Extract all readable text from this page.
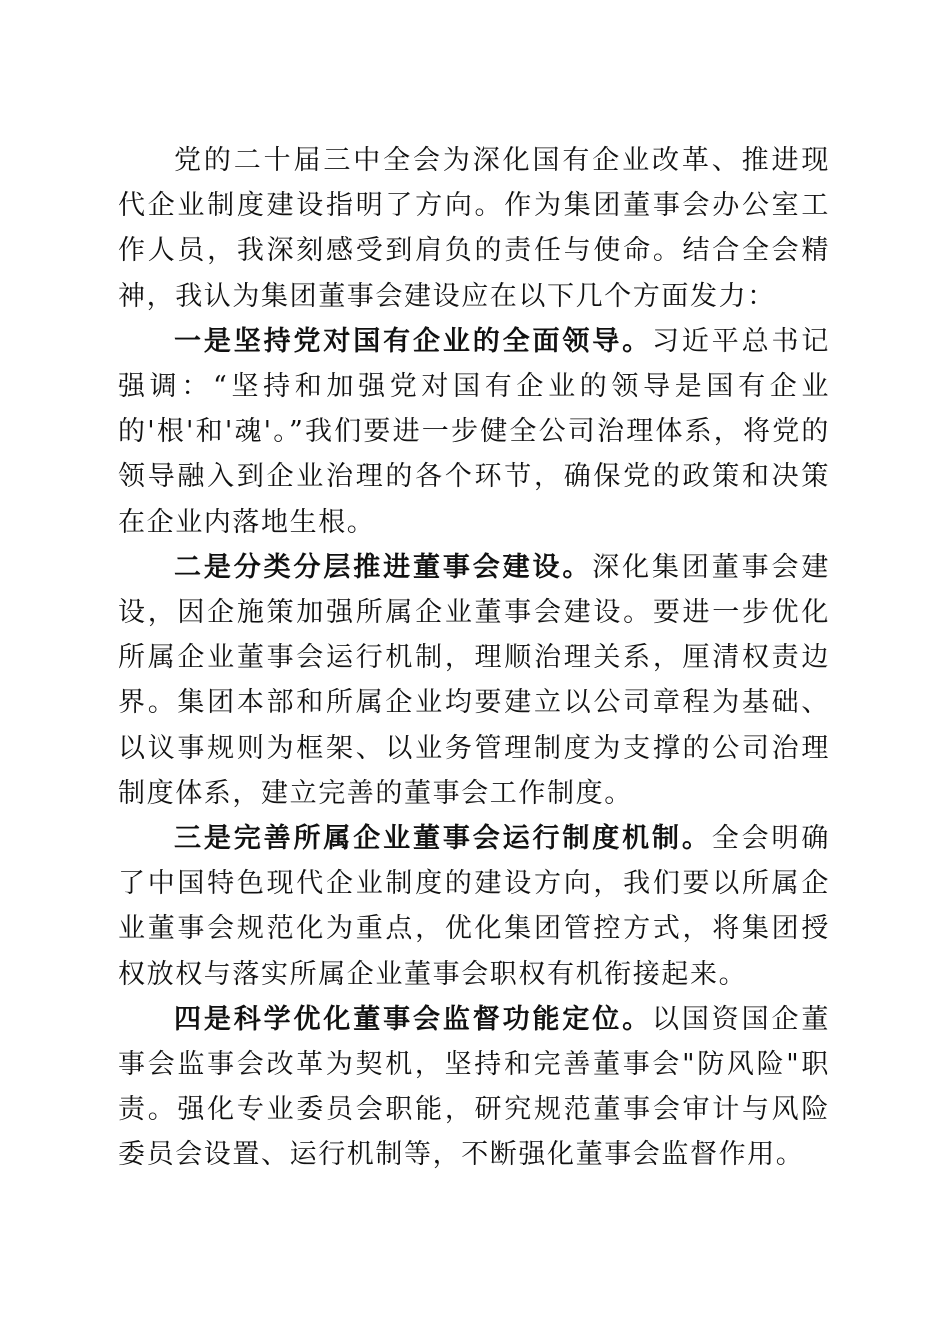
党的二十届三中全会为深化国有企业改革、推进现代企业制度建设指明了方向。作为集团董事会办公室工作人员，我深刻感受到肩负的责任与使命。结合全会精神，我认为集团董事会建设应在以下几个方面发力：

一是坚持党对国有企业的全面领导。习近平总书记强调：“坚持和加强党对国有企业的领导是国有企业的'根'和'魂'。”我们要进一步健全公司治理体系，将党的领导融入到企业治理的各个环节，确保党的政策和决策在企业内落地生根。

二是分类分层推进董事会建设。深化集团董事会建设，因企施策加强所属企业董事会建设。要进一步优化所属企业董事会运行机制，理顺治理关系，厘清权责边界。集团本部和所属企业均要建立以公司章程为基础、以议事规则为框架、以业务管理制度为支撑的公司治理制度体系，建立完善的董事会工作制度。

三是完善所属企业董事会运行制度机制。全会明确了中国特色现代企业制度的建设方向，我们要以所属企业董事会规范化为重点，优化集团管控方式，将集团授权放权与落实所属企业董事会职权有机衔接起来。

四是科学优化董事会监督功能定位。以国资国企董事会监事会改革为契机，坚持和完善董事会"防风险"职责。强化专业委员会职能，研究规范董事会审计与风险委员会设置、运行机制等，不断强化董事会监督作用。
